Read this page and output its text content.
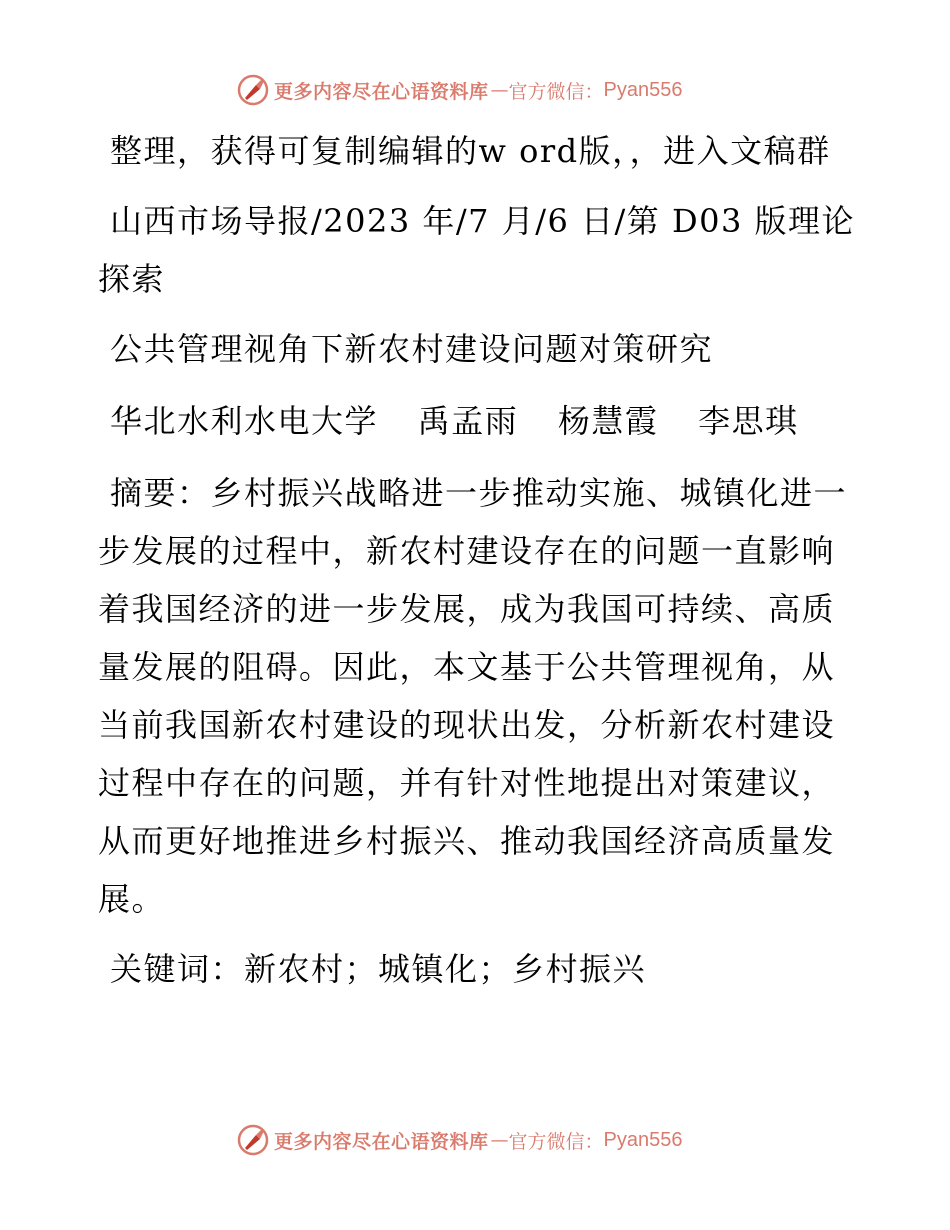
更多内容尽在心语资料库 — 官方微信： Pyan556

整理，获得可复制编辑的w ord版，，进入文稿群

山西市场导报/2023 年/7 月/6 日/第 D03 版理论探索

公共管理视角下新农村建设问题对策研究

华北水利水电大学 禹孟雨 杨慧霞 李思琪

摘要：乡村振兴战略进一步推动实施、城镇化进一步发展的过程中，新农村建设存在的问题一直影响着我国经济的进一步发展，成为我国可持续、高质量发展的阻碍。因此，本文基于公共管理视角，从当前我国新农村建设的现状出发，分析新农村建设过程中存在的问题，并有针对性地提出对策建议，从而更好地推进乡村振兴、推动我国经济高质量发展。

关键词：新农村；城镇化；乡村振兴

更多内容尽在心语资料库 — 官方微信： Pyan556
